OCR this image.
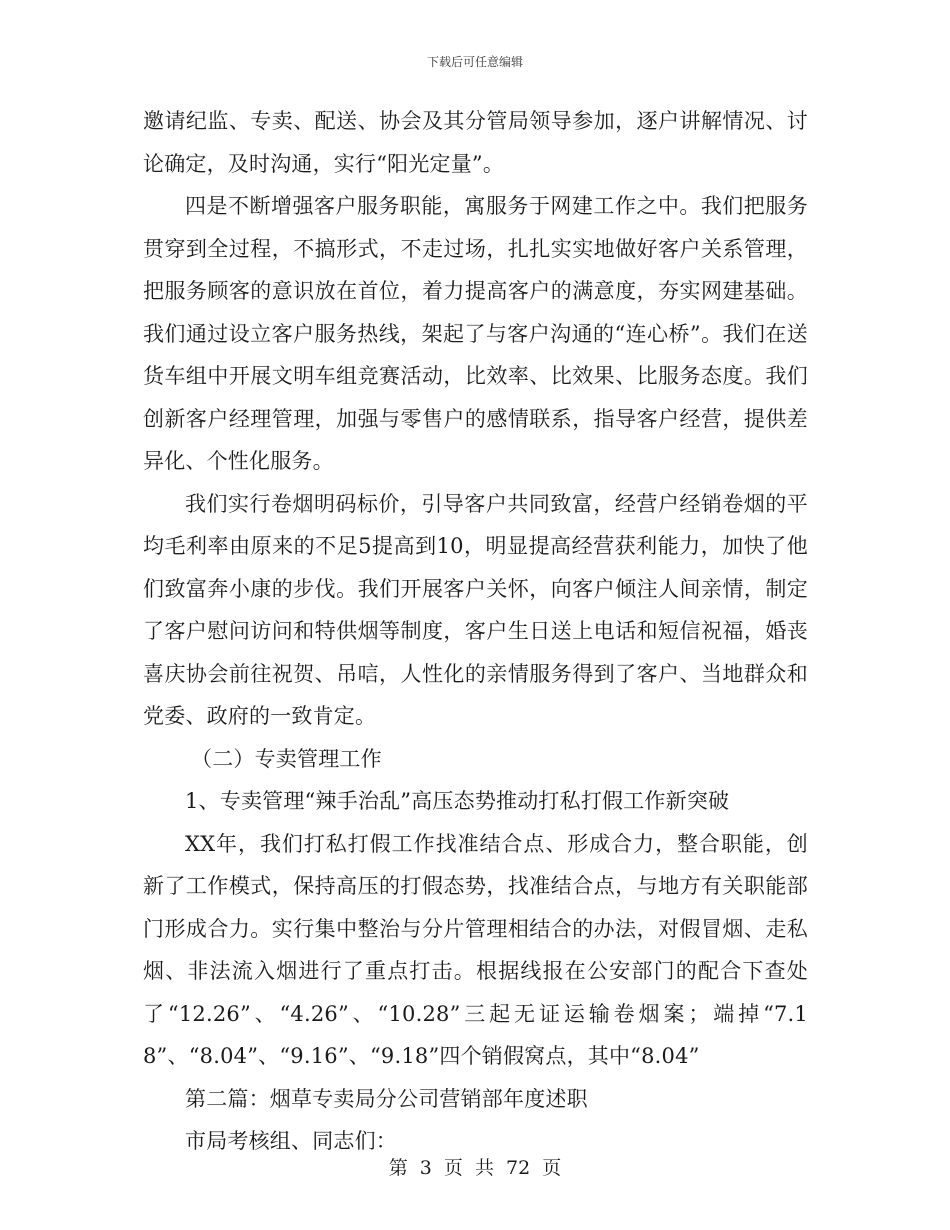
下载后可任意编辑

邀请纪监、专卖、配送、协会及其分管局领导参加，逐户讲解情况、讨论确定，及时沟通，实行“阳光定量”。

四是不断增强客户服务职能，寓服务于网建工作之中。我们把服务贯穿到全过程，不搞形式，不走过场，扎扎实实地做好客户关系管理，把服务顾客的意识放在首位，着力提高客户的满意度，夯实网建基础。我们通过设立客户服务热线，架起了与客户沟通的“连心桥”。我们在送货车组中开展文明车组竞赛活动，比效率、比效果、比服务态度。我们创新客户经理管理，加强与零售户的感情联系，指导客户经营，提供差异化、个性化服务。

我们实行卷烟明码标价，引导客户共同致富，经营户经销卷烟的平均毛利率由原来的不足5提高到10，明显提高经营获利能力，加快了他们致富奔小康的步伐。我们开展客户关怀，向客户倾注人间亲情，制定了客户慰问访问和特供烟等制度，客户生日送上电话和短信祝福，婚丧喜庆协会前往祝贺、吊唁，人性化的亲情服务得到了客户、当地群众和党委、政府的一致肯定。

（二）专卖管理工作

1、专卖管理“辣手治乱”高压态势推动打私打假工作新突破

XX年，我们打私打假工作找准结合点、形成合力，整合职能，创新了工作模式，保持高压的打假态势，找准结合点，与地方有关职能部门形成合力。实行集中整治与分片管理相结合的办法，对假冒烟、走私烟、非法流入烟进行了重点打击。根据线报在公安部门的配合下查处了“12.26”、“4.26”、“10.28”三起无证运输卷烟案；端掉“7.18”、“8.04”、“9.16”、“9.18”四个销假窝点，其中“8.04”

第二篇：烟草专卖局分公司营销部年度述职

市局考核组、同志们：

第 3 页 共 72 页
